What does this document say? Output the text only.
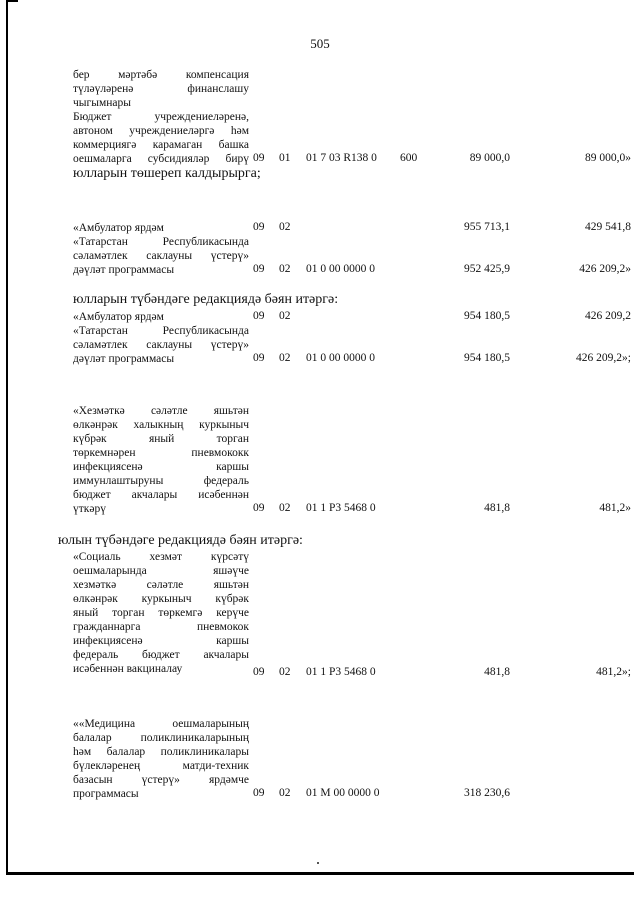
505
бер мәртәбә компенсация
түләүләренә финанслашу
чыгымнары
Бюджет учреждениеләренә,
автоном учреждениеләргә һәм
коммерциягә карамаган башка
оешмаларга субсидияләр бирү 09 01 01 7 03 R138 0 600	89 000,0	89 000,0»
юлларын төшереп калдырырга;
«Амбулатор ярдәм
«Татарстан Республикасында
сәламәтлек саклауны үстерү»
дәүләт программасы
09 02	955 713,1	429 541,8
09 02 01 0 00 0000 0	952 425,9	426 209,2»
юлларын түбәндәге редакциядә бәян итәргә:
«Амбулатор ярдәм
«Татарстан Республикасында
сәламәтлек саклауны үстерү»
дәүләт программасы
09 02	954 180,5	426 209,2
09 02 01 0 00 0000 0	954 180,5	426 209,2»;
«Хезмәткә сәләтле яшьтән
өлкәнрәк халыкның куркыныч
күбрәк яный торган
төркемнәрен пневмококк
инфекциясенә каршы
иммунлаштыруны федераль
бюджет акчалары исәбеннән
үткәрү	09 02 01 1 Р3 5468 0	481,8	481,2»
юлын түбәндәге редакциядә бәян итәргә:
«Социаль хезмәт күрсәтү
оешмаларында яшәүче
хезмәткә сәләтле яшьтән
өлкәнрәк куркыныч күбрәк
яный торган төркемгә керүче
гражданнарга пневмокок
инфекциясенә каршы
федераль бюджет акчалары
исәбеннән вакциналау	09 02 01 1 Р3 5468 0	481,8	481,2»;
««Медицина оешмаларының
балалар поликлиникаларының
һәм балалар поликлиникалары
бүлекләренең матди-техник
базасын үстерү» ярдәмче
программасы	09 02 01 М 00 0000 0	318 230,6
